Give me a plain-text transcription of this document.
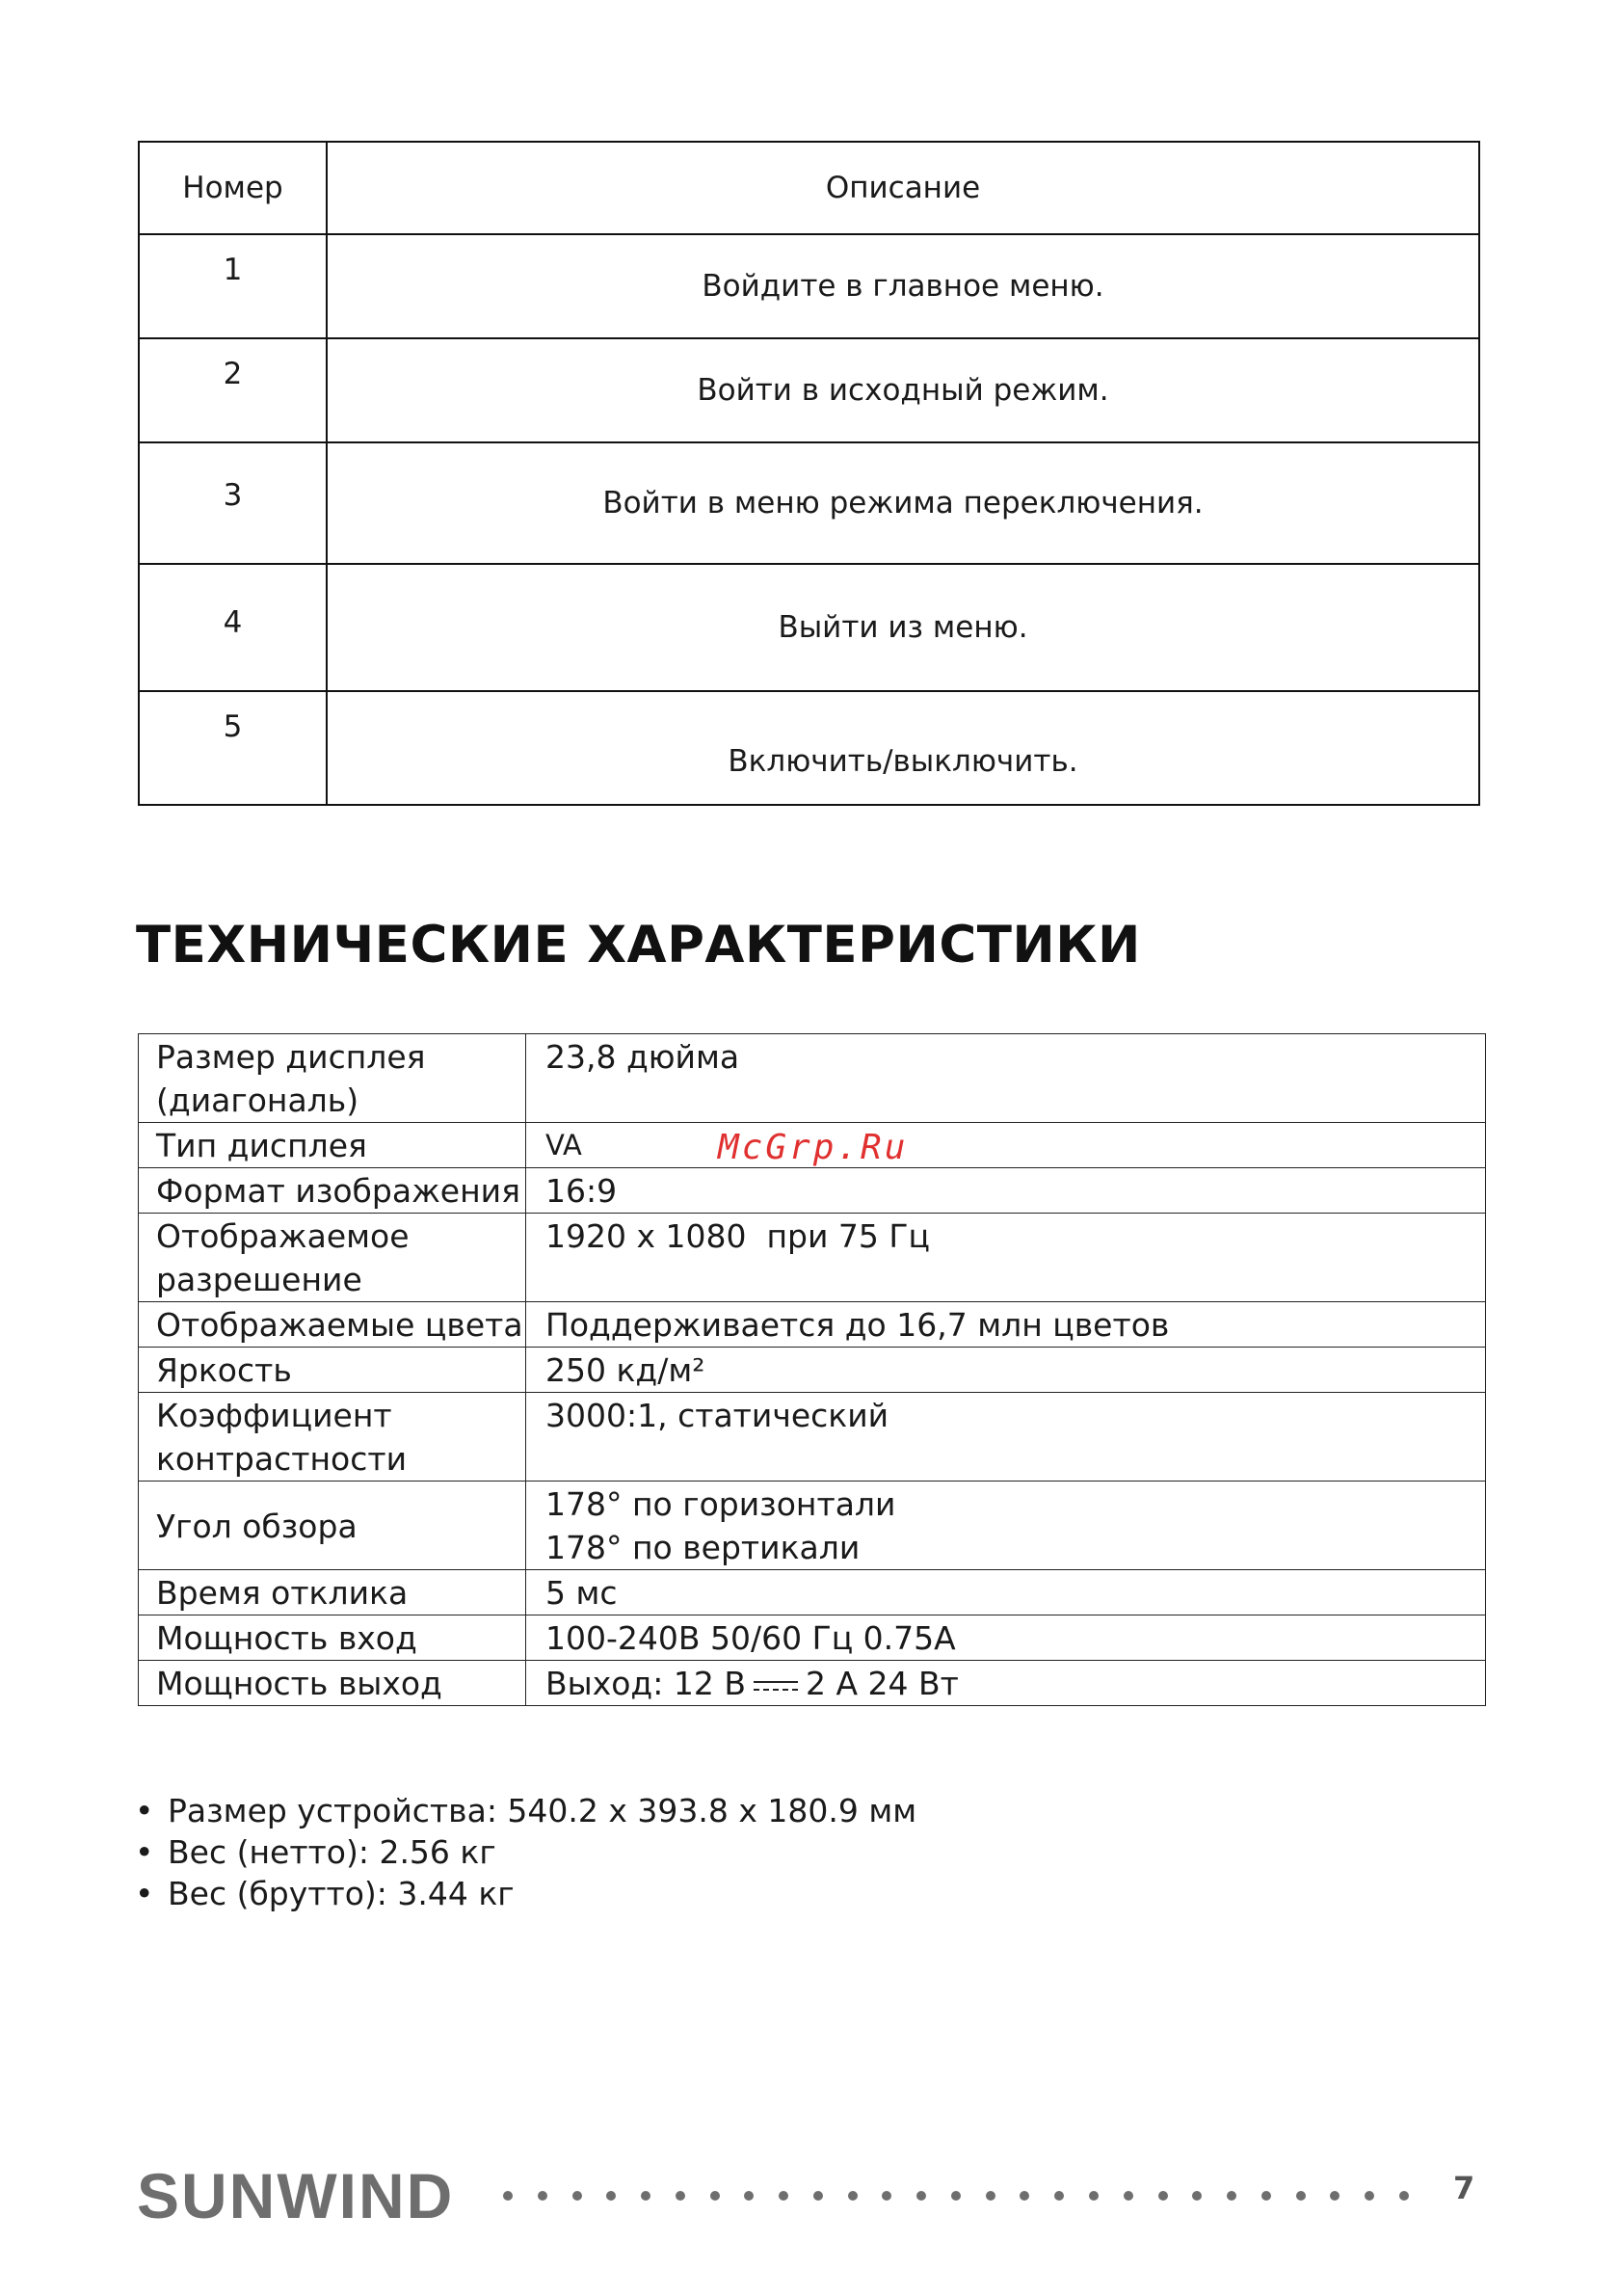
Номер	Описание
1	Войдите в главное меню.
2	Войти в исходный режим.
3	Войти в меню режима переключения.
4	Выйти из меню.
5	Включить/выключить.
ТЕХНИЧЕСКИЕ ХАРАКТЕРИСТИКИ
Размер дисплея
(диагональ)	23,8 дюйма
Тип дисплея	VA
Формат изображения	16:9
Отображаемое
разрешение	1920 x 1080  при 75 Гц
Отображаемые цвета	Поддерживается до 16,7 млн цветов
Яркость	250 кд/м²
Коэффициент
контрастности	3000:1, статический
Угол обзора	178° по горизонтали
178° по вертикали
Время отклика	5 мс
Мощность вход	100-240В 50/60 Гц 0.75А
Мощность выход	Выход: 12 В 2 А 24 Вт
McGrp.Ru
• Размер устройства: 540.2 x 393.8 x 180.9 мм
• Вес (нетто): 2.56 кг
• Вес (брутто): 3.44 кг
SUNWIND	7
